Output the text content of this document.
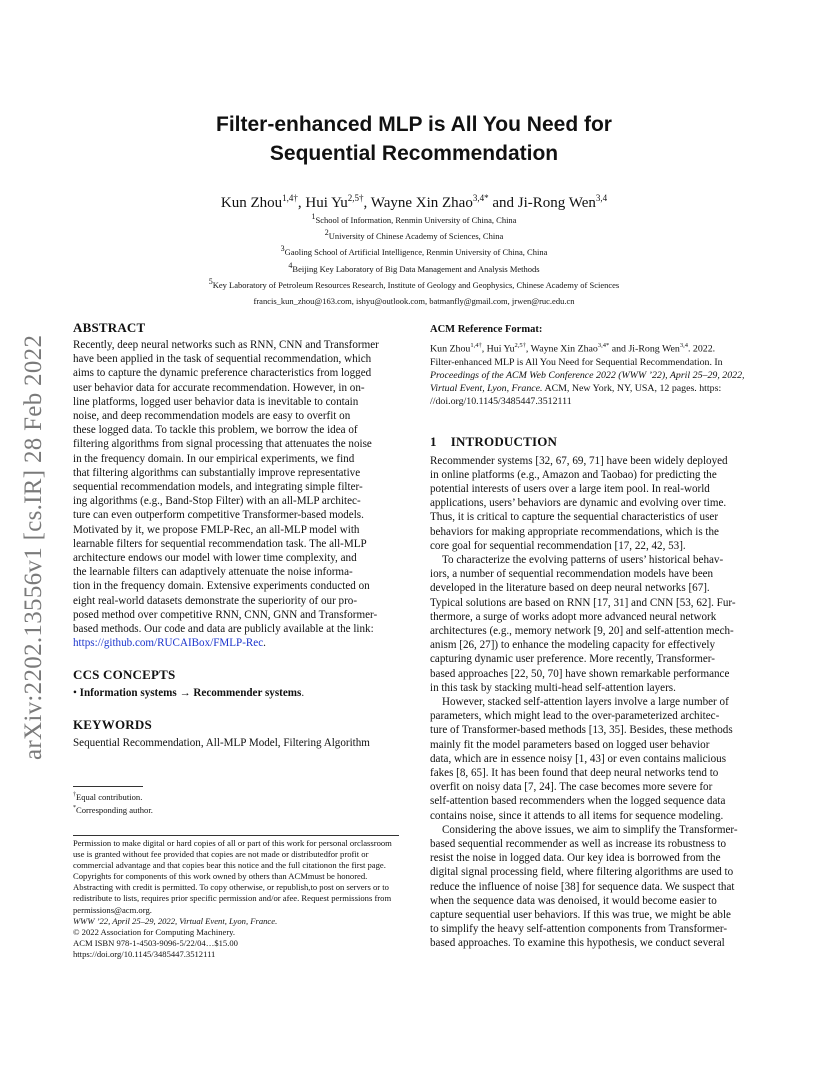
Filter-enhanced MLP is All You Need for
Sequential Recommendation
Kun Zhou$^{1,4\dagger}$, Hui $Yu^{2,5\dagger}$, Wayne Xin Zhao$^{3,4*}$ and Ji-Rong Wen$^{3,4}$
$^1$School of Information, Renmin University of China, China
$^2$University of Chinese Academy of Sciences, China
$^3$Gaoling School of Artificial Intelligence, Renmin University of China, China
$^4$Beijing Key Laboratory of Big Data Management and Analysis Methods
$^5$Key Laboratory of Petroleum Resources Research, Institute of Geology and Geophysics, Chinese Academy of Sciences
francis_kun_zhou@163.com, ishyu@outlook.com, batmanfly@gmail.com, jrwen@ruc.edu.cn
arXiv:2202.13556v1 [cs.IR] 28 Feb 2022
ABSTRACT
Recently, deep neural networks such as RNN, CNN and Transformer
have been applied in the task of sequential recommendation, which
aims to capture the dynamic preference characteristics from logged
user behavior data for accurate recommendation. However, in on-
line platforms, logged user behavior data is inevitable to contain
noise, and deep recommendation models are easy to overfit on
these logged data. To tackle this problem, we borrow the idea of
filtering algorithms from signal processing that attenuates the noise
in the frequency domain. In our empirical experiments, we find
that filtering algorithms can substantially improve representative
sequential recommendation models, and integrating simple filter-
ing algorithms (e.g., Band-Stop Filter) with an all-MLP architec-
ture can even outperform competitive Transformer-based models.
Motivated by it, we propose FMLP-Rec, an all-MLP model with
learnable filters for sequential recommendation task. The all-MLP
architecture endows our model with lower time complexity, and
the learnable filters can adaptively attenuate the noise informa-
tion in the frequency domain. Extensive experiments conducted on
eight real-world datasets demonstrate the superiority of our pro-
posed method over competitive RNN, CNN, GNN and Transformer-
based methods. Our code and data are publicly available at the link:
https://github.com/RUCAIBox/FMLP-Rec.
CCS CONCEPTS
• Information systems → Recommender systems.
KEYWORDS
Sequential Recommendation, All-MLP Model, Filtering Algorithm
†Equal contribution.
*Corresponding author.
Permission to make digital or hard copies of all or part of this work for personal orclassroom use is granted without fee provided that copies are not made or distributedfor profit or commercial advantage and that copies bear this notice and the full citationon the first page. Copyrights for components of this work owned by others than ACMmust be honored. Abstracting with credit is permitted. To copy otherwise, or republish,to post on servers or to redistribute to lists, requires prior specific permission and/or afee. Request permissions from permissions@acm.org.
WWW ’22, April 25–29, 2022, Virtual Event, Lyon, France.
© 2022 Association for Computing Machinery.
ACM ISBN 978-1-4503-9096-5/22/04…$15.00
https://doi.org/10.1145/3485447.3512111
ACM Reference Format:
Kun Zhou$^{1,4\dagger}$, Hui $Yu^{2,5\dagger}$, Wayne Xin Zhao$^{3,4*}$ and Ji-Rong Wen$^{3,4}$. 2022.
Filter-enhanced MLP is All You Need for Sequential Recommendation. In
Proceedings of the ACM Web Conference 2022 (WWW ’22), April 25–29, 2022,
Virtual Event, Lyon, France. ACM, New York, NY, USA, 12 pages. https:
//doi.org/10.1145/3485447.3512111
1 INTRODUCTION
Recommender systems [32, 67, 69, 71] have been widely deployed
in online platforms (e.g., Amazon and Taobao) for predicting the
potential interests of users over a large item pool. In real-world
applications, users’ behaviors are dynamic and evolving over time.
Thus, it is critical to capture the sequential characteristics of user
behaviors for making appropriate recommendations, which is the
core goal for sequential recommendation [17, 22, 42, 53].
To characterize the evolving patterns of users’ historical behav-
iors, a number of sequential recommendation models have been
developed in the literature based on deep neural networks [67].
Typical solutions are based on RNN [17, 31] and CNN [53, 62]. Fur-
thermore, a surge of works adopt more advanced neural network
architectures (e.g., memory network [9, 20] and self-attention mech-
anism [26, 27]) to enhance the modeling capacity for effectively
capturing dynamic user preference. More recently, Transformer-
based approaches [22, 50, 70] have shown remarkable performance
in this task by stacking multi-head self-attention layers.
However, stacked self-attention layers involve a large number of
parameters, which might lead to the over-parameterized architec-
ture of Transformer-based methods [13, 35]. Besides, these methods
mainly fit the model parameters based on logged user behavior
data, which are in essence noisy [1, 43] or even contains malicious
fakes [8, 65]. It has been found that deep neural networks tend to
overfit on noisy data [7, 24]. The case becomes more severe for
self-attention based recommenders when the logged sequence data
contains noise, since it attends to all items for sequence modeling.
Considering the above issues, we aim to simplify the Transformer-
based sequential recommender as well as increase its robustness to
resist the noise in logged data. Our key idea is borrowed from the
digital signal processing field, where filtering algorithms are used to
reduce the influence of noise [38] for sequence data. We suspect that
when the sequence data was denoised, it would become easier to
capture sequential user behaviors. If this was true, we might be able
to simplify the heavy self-attention components from Transformer-
based approaches. To examine this hypothesis, we conduct several
